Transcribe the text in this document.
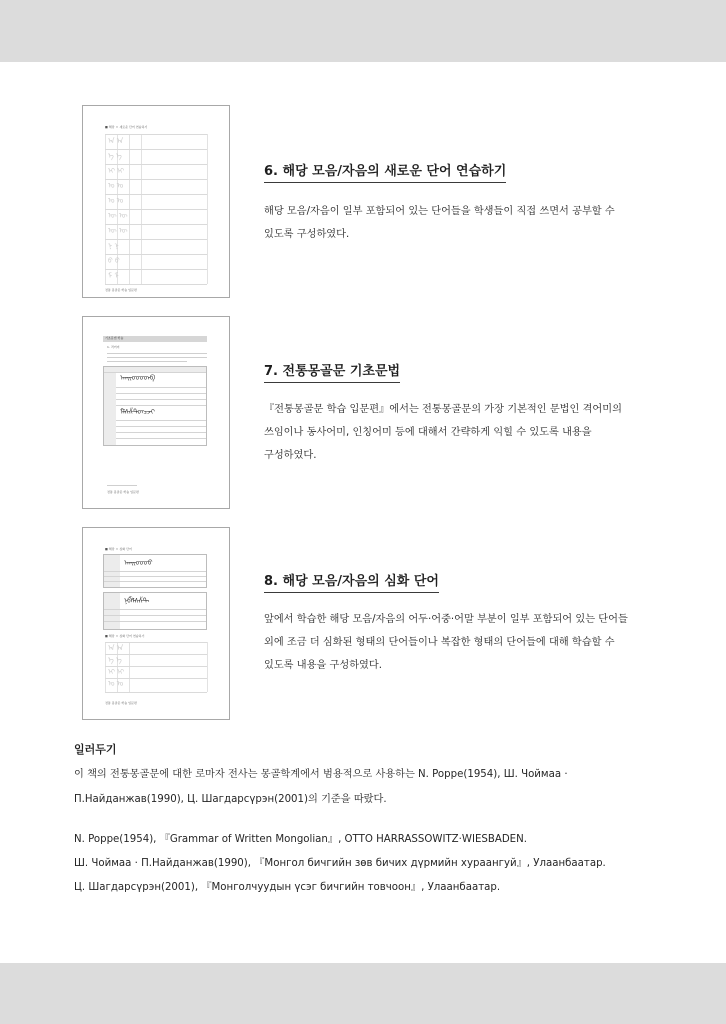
■ 해당 ㅇ 새로운 단어 연습하기
ᠠ ᠠ
ᠡ ᠡ
ᠢ ᠢ
ᠣ ᠣ
ᠤ ᠤ
ᠥ ᠥ
ᠦ ᠦ
ᠨ ᠨ
ᠪ ᠪ
ᠮ ᠮ
전통 몽골문 학습 입문편
6. 해당 모음/자음의 새로운 단어 연습하기

해당 모음/자음이 일부 포함되어 있는 단어들을 학생들이 직접 쓰면서 공부할 수
있도록 구성하였다.

기초문법 학습
1. 격어미
ᠠᠡᠢᠣᠤᠥᠦᠨᠪ
ᠮᠯᠰᠱᠲᠳᠴᠵᠶ
전통 몽골문 학습 입문편
7. 전통몽골문 기초문법

『전통몽골문 학습 입문편』에서는 전통몽골문의 가장 기본적인 문법인 격어미의
쓰임이나 동사어미, 인칭어미 등에 대해서 간략하게 익힐 수 있도록 내용을
구성하였다.

■ 해당 ㅇ 심화 단어
ᠠᠡᠢᠣᠤᠥᠦ
ᠨᠪᠮᠯᠰᠱᠲ
■ 해당 ㅇ 심화 단어 연습하기
ᠠ ᠠ
ᠡ ᠡ
ᠢ ᠢ
ᠣ ᠣ
전통 몽골문 학습 입문편
8. 해당 모음/자음의 심화 단어

앞에서 학습한 해당 모음/자음의 어두·어중·어말 부분이 일부 포함되어 있는 단어들
외에 조금 더 심화된 형태의 단어들이나 복잡한 형태의 단어들에 대해 학습할 수
있도록 내용을 구성하였다.

일러두기

이 책의 전통몽골문에 대한 로마자 전사는 몽골학계에서 범용적으로 사용하는 N. Poppe(1954), Ш. Чоймаа ·

П.Найданжав(1990), Ц. Шагдарсүрэн(2001)의 기준을 따랐다.

N. Poppe(1954), 『Grammar of Written Mongolian』, OTTO HARRASSOWITZ·WIESBADEN.

Ш. Чоймаа · П.Найданжав(1990), 『Монгол бичгийн зөв бичих дүрмийн хураангуй』, Улаанбаатар.

Ц. Шагдарсүрэн(2001), 『Монголчуудын үсэг бичгийн товчоон』, Улаанбаатар.
